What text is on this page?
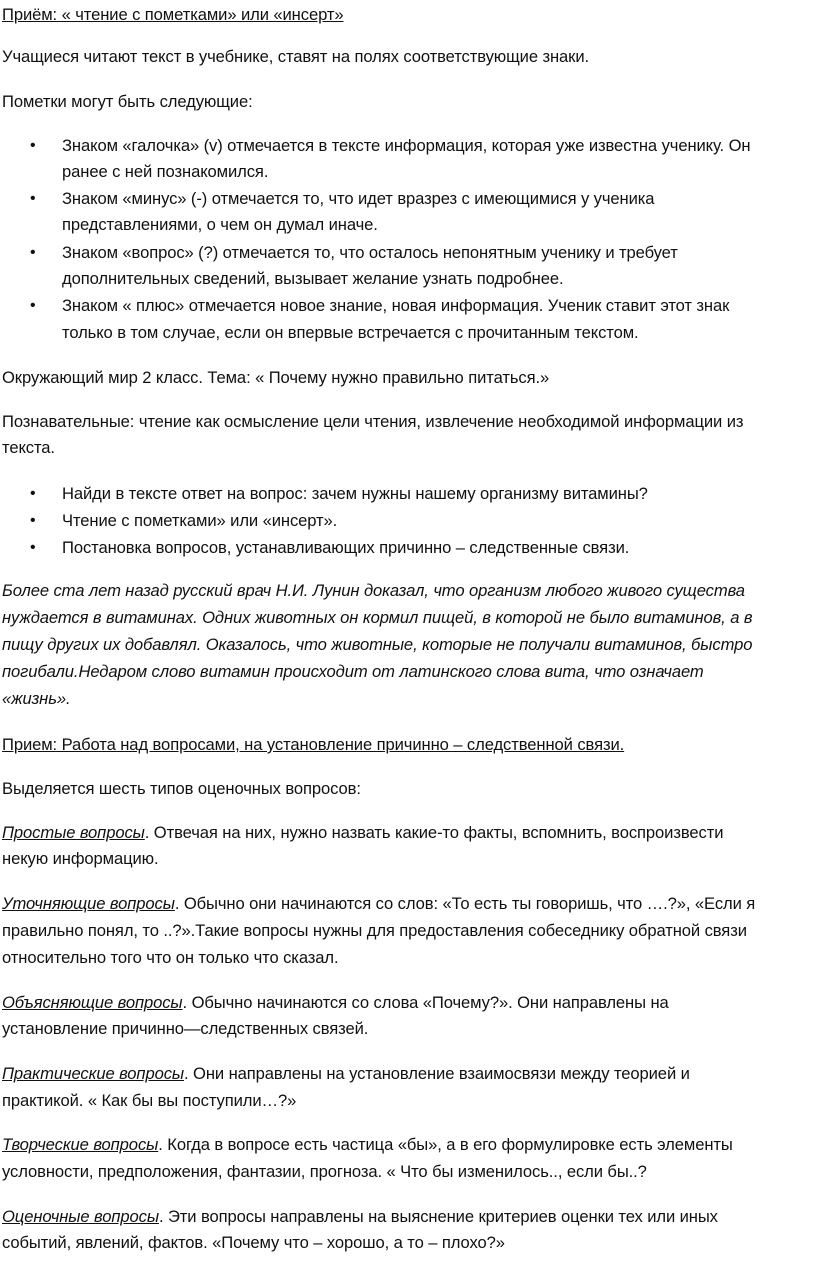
Приём: « чтение с пометками» или «инсерт»
Учащиеся читают текст в учебнике, ставят на полях соответствующие знаки.
Пометки могут быть следующие:
• Знаком «галочка» (v) отмечается в тексте информация, которая уже известна ученику. Он
ранее с ней познакомился.
• Знаком «минус» (-) отмечается то, что идет вразрез с имеющимися у ученика
представлениями, о чем он думал иначе.
• Знаком «вопрос» (?) отмечается то, что осталось непонятным ученику и требует
дополнительных сведений, вызывает желание узнать подробнее.
• Знаком « плюс» отмечается новое знание, новая информация. Ученик ставит этот знак
только в том случае, если он впервые встречается с прочитанным текстом.
Окружающий мир 2 класс. Тема: « Почему нужно правильно питаться.»
Познавательные: чтение как осмысление цели чтения, извлечение необходимой информации из
текста.
• Найди в тексте ответ на вопрос: зачем нужны нашему организму витамины?
• Чтение с пометками» или «инсерт».
• Постановка вопросов, устанавливающих причинно – следственные связи.
Более ста лет назад русский врач Н.И. Лунин доказал, что организм любого живого существа
нуждается в витаминах. Одних животных он кормил пищей, в которой не было витаминов, а в
пищу других их добавлял. Оказалось, что животные, которые не получали витаминов, быстро
погибали.Недаром слово витамин происходит от латинского слова вита, что означает
«жизнь».
Прием: Работа над вопросами, на установление причинно – следственной связи.
Выделяется шесть типов оценочных вопросов:
Простые вопросы. Отвечая на них, нужно назвать какие-то факты, вспомнить, воспроизвести
некую информацию.
Уточняющие вопросы. Обычно они начинаются со слов: «То есть ты говоришь, что ….?», «Если я
правильно понял, то ..?».Такие вопросы нужны для предоставления собеседнику обратной связи
относительно того что он только что сказал.
Объясняющие вопросы. Обычно начинаются со слова «Почему?». Они направлены на
установление причинно—следственных связей.
Практические вопросы. Они направлены на установление взаимосвязи между теорией и
практикой. « Как бы вы поступили…?»
Творческие вопросы. Когда в вопросе есть частица «бы», а в его формулировке есть элементы
условности, предположения, фантазии, прогноза. « Что бы изменилось.., если бы..?
Оценочные вопросы. Эти вопросы направлены на выяснение критериев оценки тех или иных
событий, явлений, фактов. «Почему что – хорошо, а то – плохо?»
